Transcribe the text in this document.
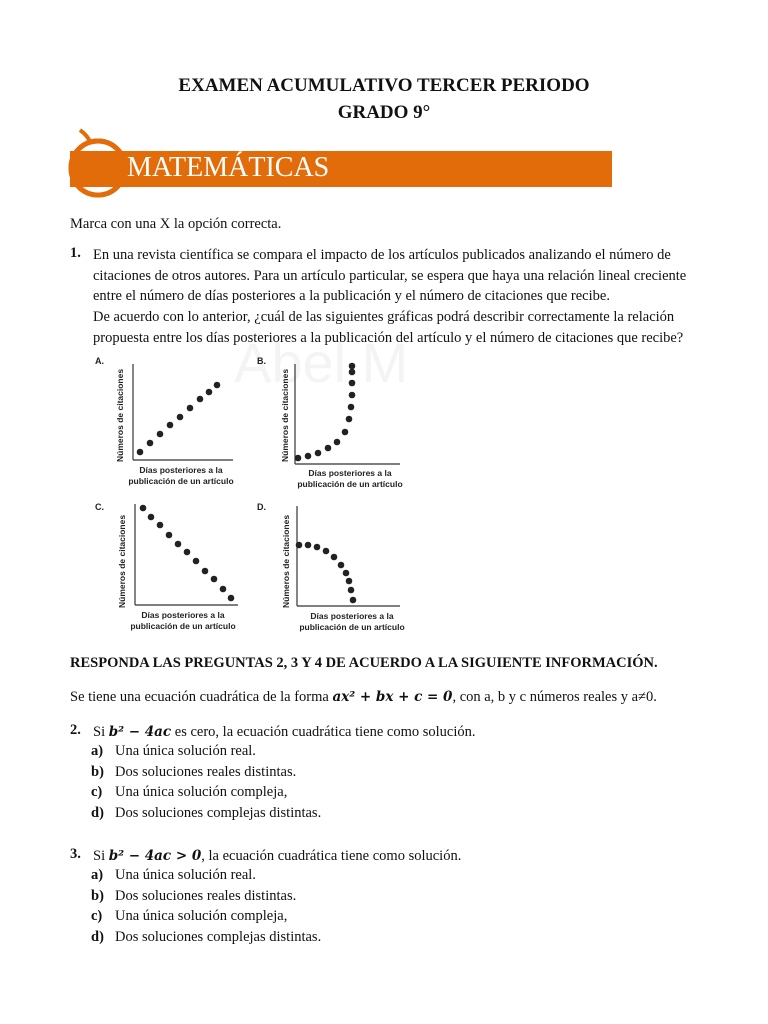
EXAMEN ACUMULATIVO TERCER PERIODO
GRADO 9°
MATEMÁTICAS
Marca con una X la opción correcta.
1. En una revista científica se compara el impacto de los artículos publicados analizando el número de
citaciones de otros autores. Para un artículo particular, se espera que haya una relación lineal creciente
entre el número de días posteriores a la publicación y el número de citaciones que recibe.
De acuerdo con lo anterior, ¿cuál de las siguientes gráficas podrá describir correctamente la relación
propuesta entre los días posteriores a la publicación del artículo y el número de citaciones que recibe?
A.
Números de citaciones
Días posteriores a la
publicación de un artículo
B.
Números de citaciones
Días posteriores a la
publicación de un artículo
C.
Números de citaciones
Días posteriores a la
publicación de un artículo
D.
Números de citaciones
Días posteriores a la
publicación de un artículo
RESPONDA LAS PREGUNTAS 2, 3 Y 4 DE ACUERDO A LA SIGUIENTE INFORMACIÓN.
Se tiene una ecuación cuadrática de la forma ax² + bx + c = 0, con a, b y c números reales y a≠0.
2. Si b² − 4ac es cero, la ecuación cuadrática tiene como solución.
a) Una única solución real.
b) Dos soluciones reales distintas.
c) Una única solución compleja,
d) Dos soluciones complejas distintas.
3. Si b² − 4ac > 0, la ecuación cuadrática tiene como solución.
a) Una única solución real.
b) Dos soluciones reales distintas.
c) Una única solución compleja,
d) Dos soluciones complejas distintas.
